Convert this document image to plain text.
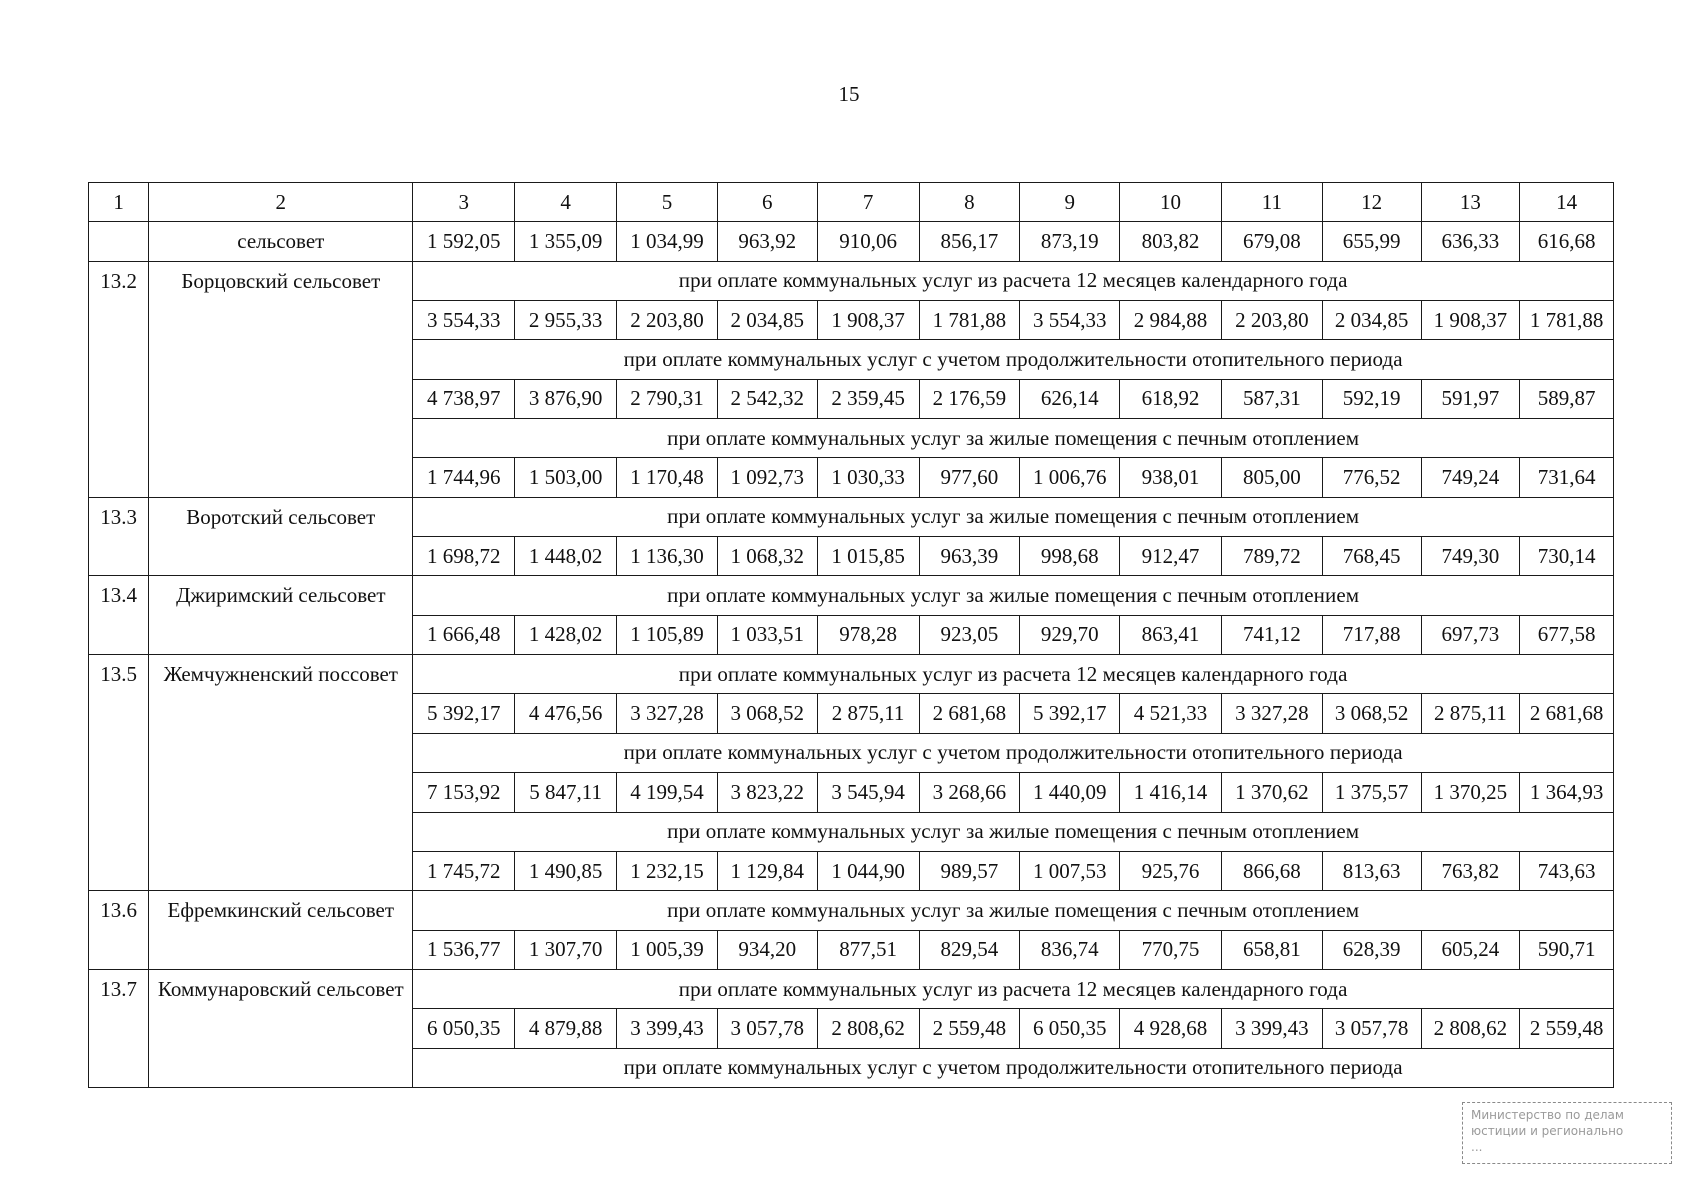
15
1	2	3	4	5	6	7	8	9	10	11	12	13	14
	сельсовет	1 592,05	1 355,09	1 034,99	963,92	910,06	856,17	873,19	803,82	679,08	655,99	636,33	616,68
13.2	Борцовский сельсовет	при оплате коммунальных услуг из расчета 12 месяцев календарного года											
		3 554,33	2 955,33	2 203,80	2 034,85	1 908,37	1 781,88	3 554,33	2 984,88	2 203,80	2 034,85	1 908,37	1 781,88
		при оплате коммунальных услуг с учетом продолжительности отопительного периода											
		4 738,97	3 876,90	2 790,31	2 542,32	2 359,45	2 176,59	626,14	618,92	587,31	592,19	591,97	589,87
		при оплате коммунальных услуг за жилые помещения с печным отоплением											
		1 744,96	1 503,00	1 170,48	1 092,73	1 030,33	977,60	1 006,76	938,01	805,00	776,52	749,24	731,64
13.3	Воротский сельсовет	при оплате коммунальных услуг за жилые помещения с печным отоплением											
		1 698,72	1 448,02	1 136,30	1 068,32	1 015,85	963,39	998,68	912,47	789,72	768,45	749,30	730,14
13.4	Джиримский сельсовет	при оплате коммунальных услуг за жилые помещения с печным отоплением											
		1 666,48	1 428,02	1 105,89	1 033,51	978,28	923,05	929,70	863,41	741,12	717,88	697,73	677,58
13.5	Жемчужненский поссовет	при оплате коммунальных услуг из расчета 12 месяцев календарного года											
		5 392,17	4 476,56	3 327,28	3 068,52	2 875,11	2 681,68	5 392,17	4 521,33	3 327,28	3 068,52	2 875,11	2 681,68
		при оплате коммунальных услуг с учетом продолжительности отопительного периода											
		7 153,92	5 847,11	4 199,54	3 823,22	3 545,94	3 268,66	1 440,09	1 416,14	1 370,62	1 375,57	1 370,25	1 364,93
		при оплате коммунальных услуг за жилые помещения с печным отоплением											
		1 745,72	1 490,85	1 232,15	1 129,84	1 044,90	989,57	1 007,53	925,76	866,68	813,63	763,82	743,63
13.6	Ефремкинский сельсовет	при оплате коммунальных услуг за жилые помещения с печным отоплением											
		1 536,77	1 307,70	1 005,39	934,20	877,51	829,54	836,74	770,75	658,81	628,39	605,24	590,71
13.7	Коммунаровский сельсовет	при оплате коммунальных услуг из расчета 12 месяцев календарного года											
		6 050,35	4 879,88	3 399,43	3 057,78	2 808,62	2 559,48	6 050,35	4 928,68	3 399,43	3 057,78	2 808,62	2 559,48
		при оплате коммунальных услуг с учетом продолжительности отопительного периода											
Министерство по делам
юстиции и регионально
...
